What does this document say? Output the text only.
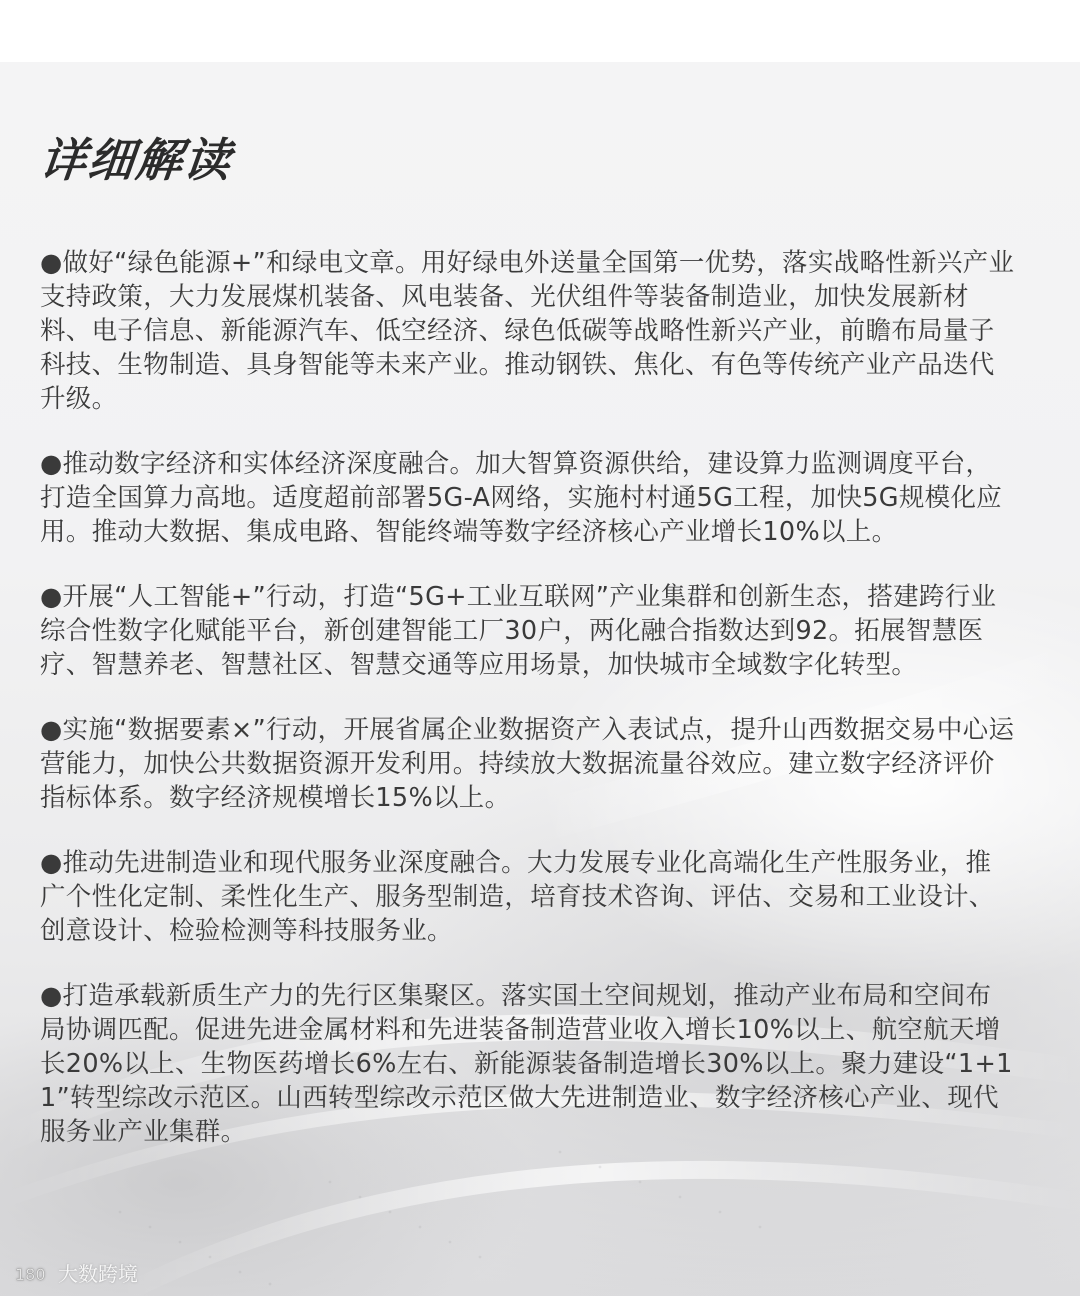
详细解读

●做好“绿色能源+”和绿电文章。用好绿电外送量全国第一优势，落实战略性新兴产业支持政策，大力发展煤机装备、风电装备、光伏组件等装备制造业，加快发展新材料、电子信息、新能源汽车、低空经济、绿色低碳等战略性新兴产业，前瞻布局量子科技、生物制造、具身智能等未来产业。推动钢铁、焦化、有色等传统产业产品迭代升级。

●推动数字经济和实体经济深度融合。加大智算资源供给，建设算力监测调度平台，打造全国算力高地。适度超前部署5G-A网络，实施村村通5G工程，加快5G规模化应用。推动大数据、集成电路、智能终端等数字经济核心产业增长10%以上。

●开展“人工智能+”行动，打造“5G+工业互联网”产业集群和创新生态，搭建跨行业综合性数字化赋能平台，新创建智能工厂30户，两化融合指数达到92。拓展智慧医疗、智慧养老、智慧社区、智慧交通等应用场景，加快城市全域数字化转型。

●实施“数据要素×”行动，开展省属企业数据资产入表试点，提升山西数据交易中心运营能力，加快公共数据资源开发利用。持续放大数据流量谷效应。建立数字经济评价指标体系。数字经济规模增长15%以上。

●推动先进制造业和现代服务业深度融合。大力发展专业化高端化生产性服务业，推广个性化定制、柔性化生产、服务型制造，培育技术咨询、评估、交易和工业设计、创意设计、检验检测等科技服务业。

●打造承载新质生产力的先行区集聚区。落实国土空间规划，推动产业布局和空间布局协调匹配。促进先进金属材料和先进装备制造营业收入增长10%以上、航空航天增长20%以上、生物医药增长6%左右、新能源装备制造增长30%以上。聚力建设“1+11”转型综改示范区。山西转型综改示范区做大先进制造业、数字经济核心产业、现代服务业产业集群。

180 大数跨境
